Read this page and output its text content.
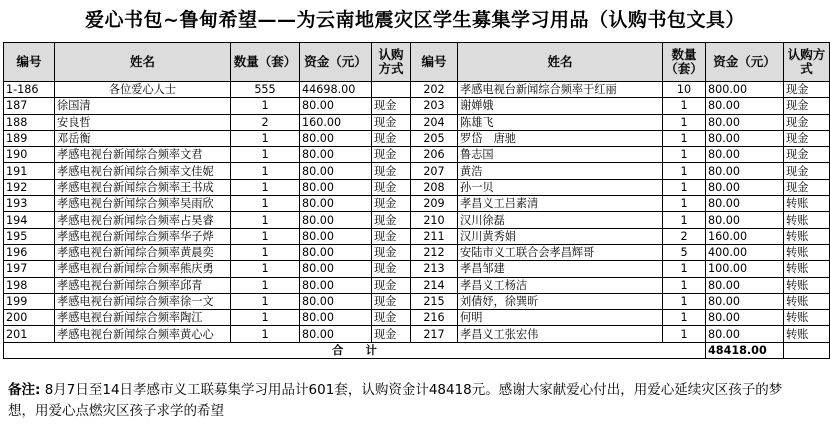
爱心书包~鲁甸希望——为云南地震灾区学生募集学习用品（认购书包文具）
编号	姓名	数量（套）	资金（元）	认购方式	编号	姓名	数量（套）	资金（元）	认购方式
1-186	各位爱心人士	555	44698.00		202	孝感电视台新闻综合频率于红丽	10	800.00	现金
187	徐国清	1	80.00	现金	203	谢婵娥	1	80.00	现金
188	安良哲	2	160.00	现金	204	陈雄飞	1	80.00	现金
189	邓岳衡	1	80.00	现金	205	罗岱　唐驰	1	80.00	现金
190	孝感电视台新闻综合频率文君	1	80.00	现金	206	鲁志国	1	80.00	现金
191	孝感电视台新闻综合频率文佳妮	1	80.00	现金	207	黄浩	1	80.00	现金
192	孝感电视台新闻综合频率王书成	1	80.00	现金	208	孙一贝	1	80.00	现金
193	孝感电视台新闻综合频率吴雨欣	1	80.00	现金	209	孝昌义工吕素清	1	80.00	转账
194	孝感电视台新闻综合频率占昊睿	1	80.00	现金	210	汉川徐磊	1	80.00	转账
195	孝感电视台新闻综合频率华子烨	1	80.00	现金	211	汉川黄秀娟	2	160.00	转账
196	孝感电视台新闻综合频率黄晨奕	1	80.00	现金	212	安陆市义工联合会孝昌辉哥	5	400.00	转账
197	孝感电视台新闻综合频率熊庆勇	1	80.00	现金	213	孝昌邹建	1	100.00	转账
198	孝感电视台新闻综合频率邱青	1	80.00	现金	214	孝昌义工杨洁	1	80.00	转账
199	孝感电视台新闻综合频率徐一文	1	80.00	现金	215	刘倩妤，徐巽昕	1	80.00	转账
200	孝感电视台新闻综合频率陶江	1	80.00	现金	216	何明	1	80.00	转账
201	孝感电视台新闻综合频率黄心心	1	80.00	现金	217	孝昌义工张宏伟	1	80.00	转账
合　　计								48418.00	
备注: 8月7日至14日孝感市义工联募集学习用品计601套，认购资金计48418元。感谢大家献爱心付出，用爱心延续灾区孩子的梦想，用爱心点燃灾区孩子求学的希望
